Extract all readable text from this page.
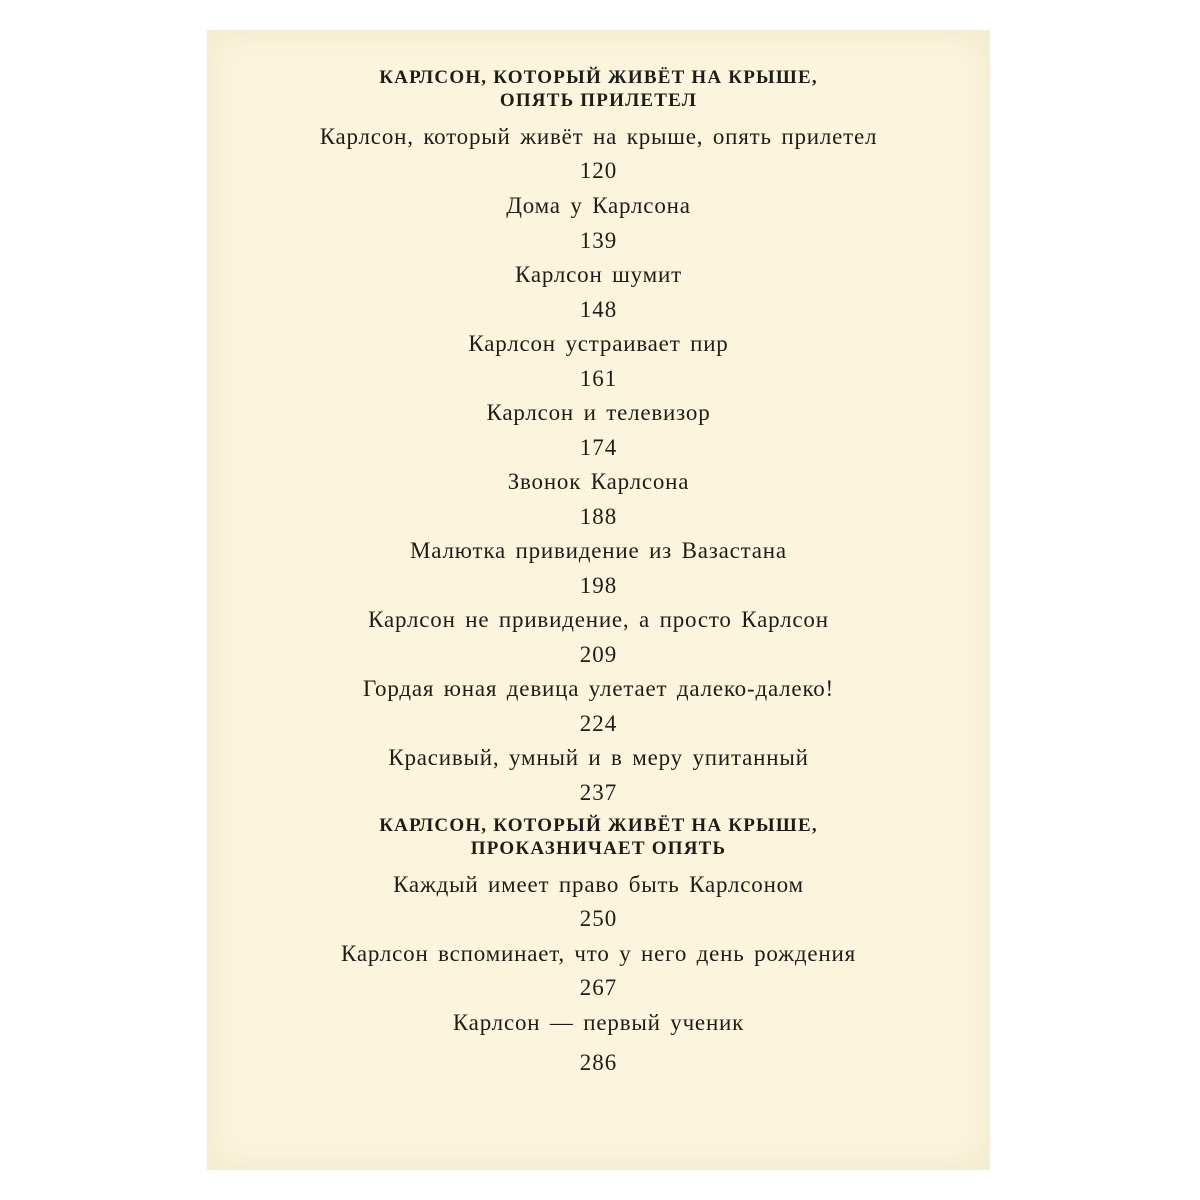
КАРЛСОН, КОТОРЫЙ ЖИВЁТ НА КРЫШЕ,
ОПЯТЬ ПРИЛЕТЕЛ
Карлсон, который живёт на крыше, опять прилетел
120
Дома у Карлсона
139
Карлсон шумит
148
Карлсон устраивает пир
161
Карлсон и телевизор
174
Звонок Карлсона
188
Малютка привидение из Вазастана
198
Карлсон не привидение, а просто Карлсон
209
Гордая юная девица улетает далеко-далеко!
224
Красивый, умный и в меру упитанный
237
КАРЛСОН, КОТОРЫЙ ЖИВЁТ НА КРЫШЕ,
ПРОКАЗНИЧАЕТ ОПЯТЬ
Каждый имеет право быть Карлсоном
250
Карлсон вспоминает, что у него день рождения
267
Карлсон — первый ученик
286
